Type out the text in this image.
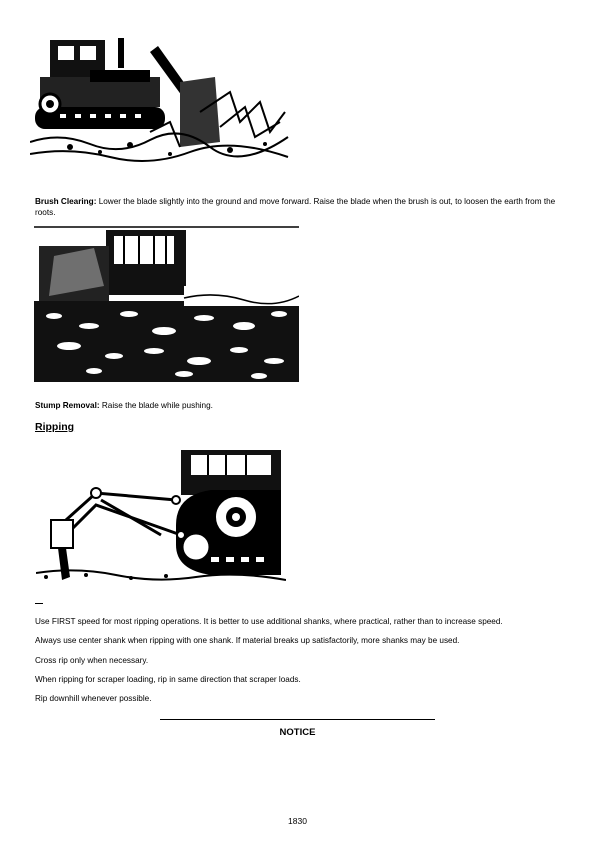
Brush Clearing: Lower the blade slightly into the ground and move forward. Raise the blade when the brush is out, to loosen the earth from the roots.
Stump Removal: Raise the blade while pushing.
Ripping
Use FIRST speed for most ripping operations. It is better to use additional shanks, where practical, rather than to increase speed.
Always use center shank when ripping with one shank. If material breaks up satisfactorily, more shanks may be used.
Cross rip only when necessary.
When ripping for scraper loading, rip in same direction that scraper loads.
Rip downhill whenever possible.
NOTICE
1830
